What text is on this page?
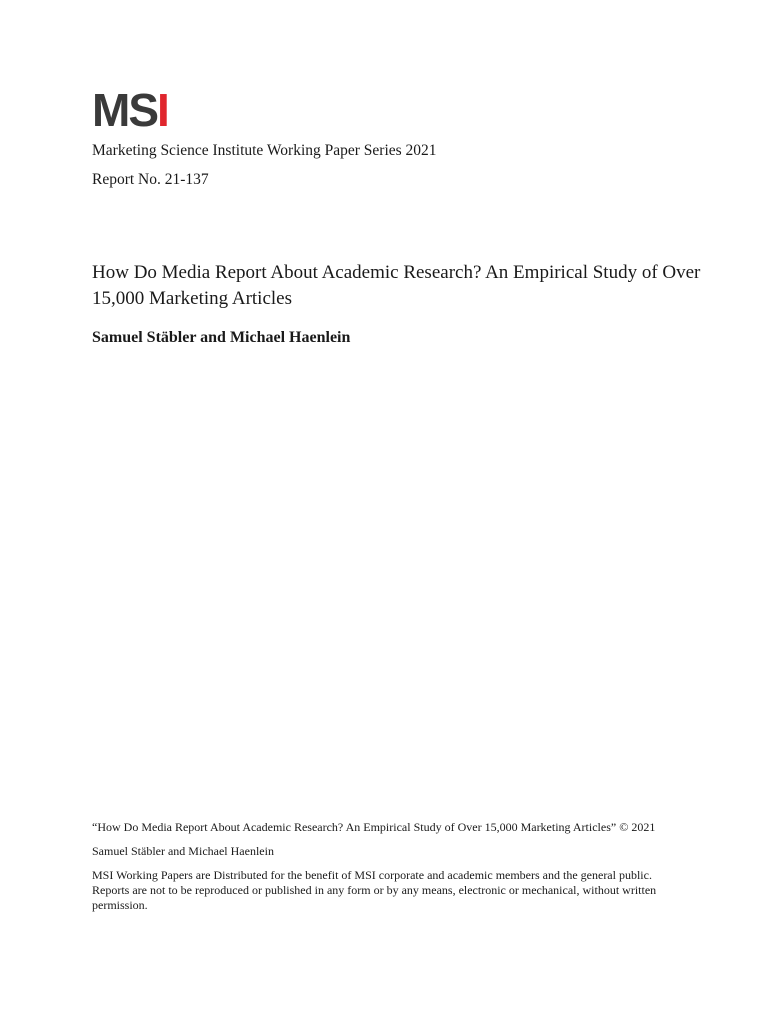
MS I
Marketing Science Institute Working Paper Series 2021
Report No. 21-137
How Do Media Report About Academic Research? An Empirical Study of Over 15,000 Marketing Articles
Samuel Stäbler and Michael Haenlein

“How Do Media Report About Academic Research? An Empirical Study of Over 15,000 Marketing Articles” © 2021

Samuel Stäbler and Michael Haenlein

MSI Working Papers are Distributed for the benefit of MSI corporate and academic members and the general public. Reports are not to be reproduced or published in any form or by any means, electronic or mechanical, without written permission.
